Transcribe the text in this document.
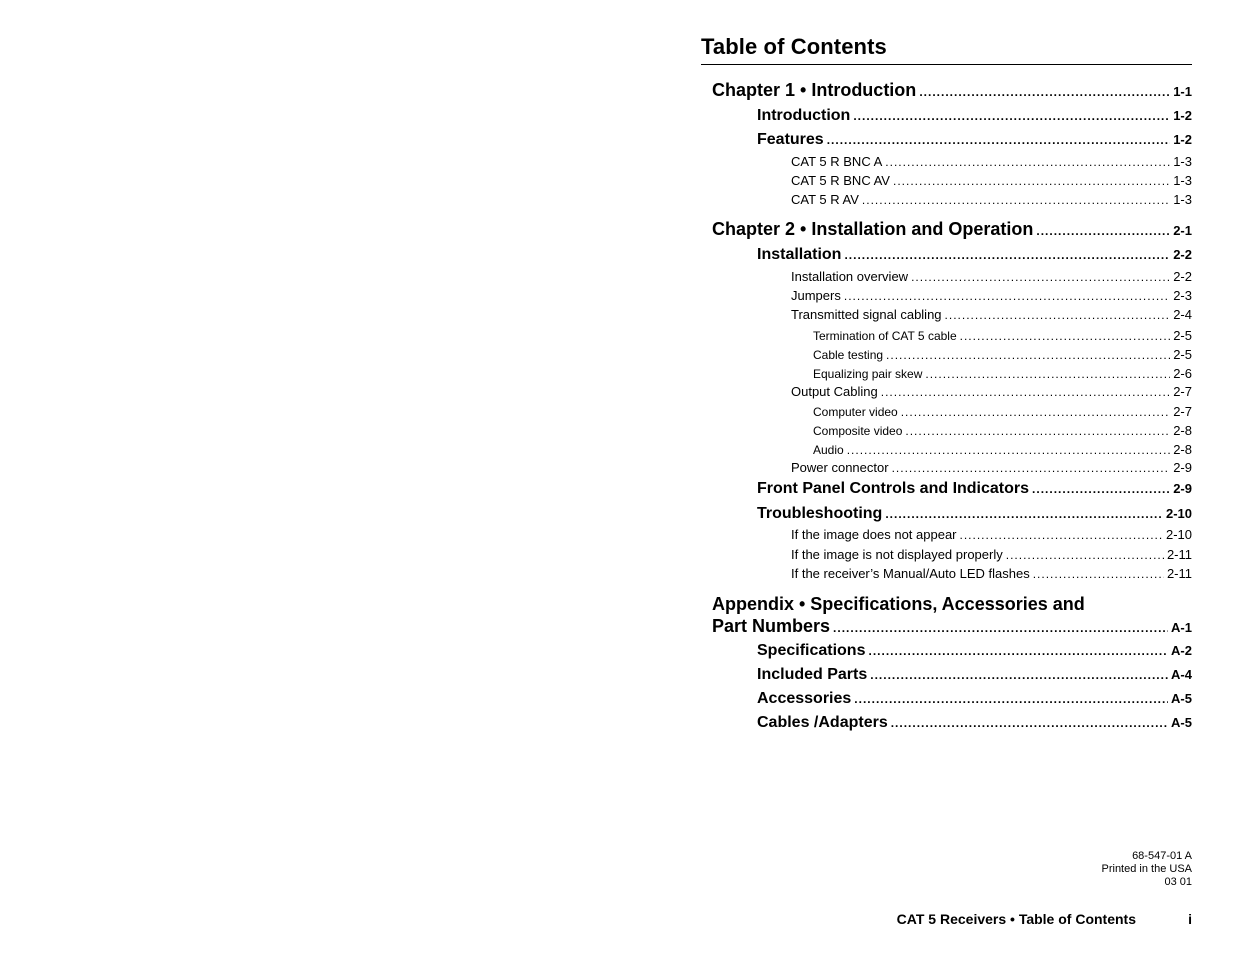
Table of Contents
Chapter 1 • Introduction .....	1-1
Introduction .....	1-2
Features .....	1-2
CAT 5 R BNC A .....	1-3
CAT 5 R BNC AV .....	1-3
CAT 5 R AV .....	1-3
Chapter 2 • Installation and Operation .....	2-1
Installation .....	2-2
Installation overview .....	2-2
Jumpers .....	2-3
Transmitted signal cabling .....	2-4
Termination of CAT 5 cable .....	2-5
Cable testing .....	2-5
Equalizing pair skew .....	2-6
Output Cabling .....	2-7
Computer video .....	2-7
Composite video .....	2-8
Audio .....	2-8
Power connector .....	2-9
Front Panel Controls and Indicators .....	2-9
Troubleshooting .....	2-10
If the image does not appear .....	2-10
If the image is not displayed properly .....	2-11
If the receiver’s Manual/Auto LED flashes .....	2-11
Appendix • Specifications, Accessories and
Part Numbers .....	A-1
Specifications .....	A-2
Included Parts .....	A-4
Accessories .....	A-5
Cables /Adapters .....	A-5
68-547-01 A
Printed in the USA
03 01
CAT 5 Receivers • Table of Contents	i
